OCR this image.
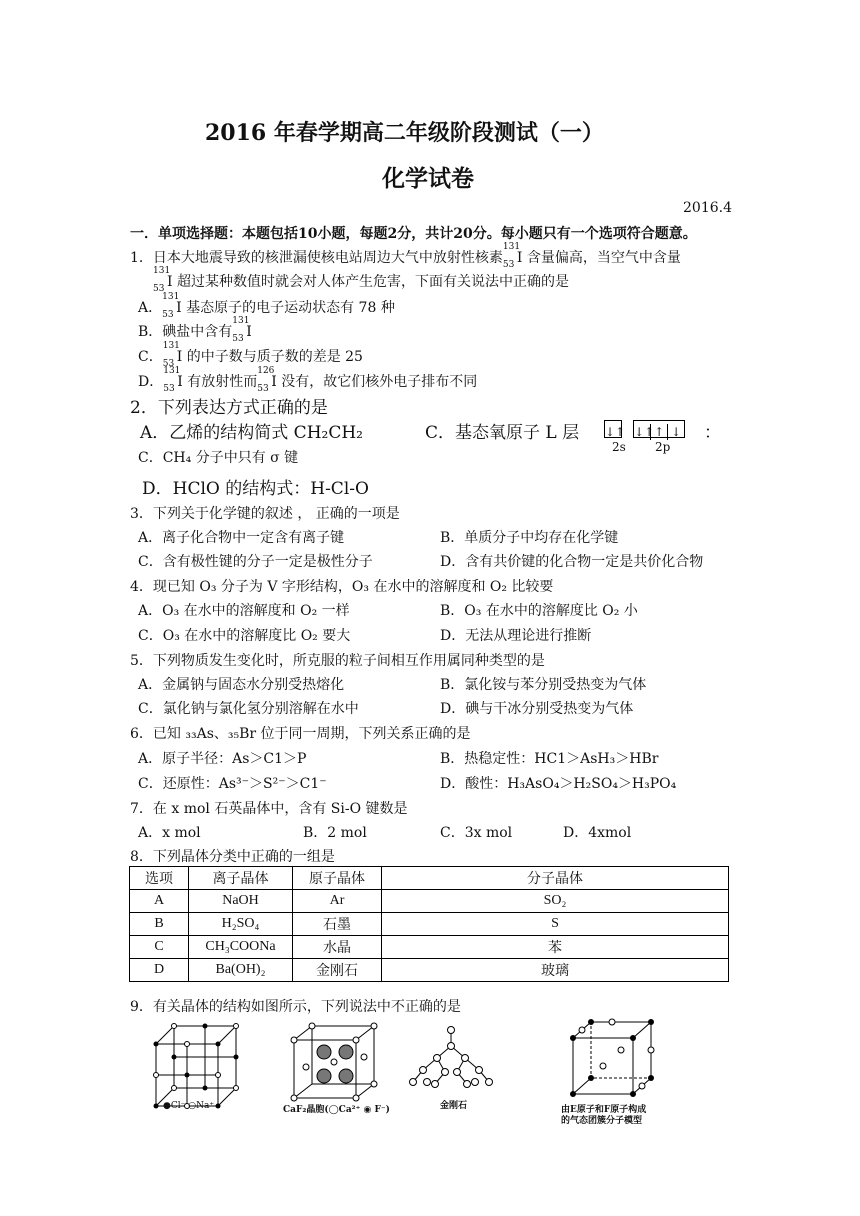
2016 年春学期高二年级阶段测试（一）
化学试卷
2016.4
一．单项选择题：本题包括10小题，每题2分，共计20分。每小题只有一个选项符合题意。
1．日本大地震导致的核泄漏使核电站周边大气中放射性核素
131
53 I 含量偏高，当空气中含量
131
53 I 超过某种数值时就会对人体产生危害，下面有关说法中正确的是
A．
131
53 I 基态原子的电子运动状态有 78 种
B．碘盐中含有
131
53 I
C．
131
53 I 的中子数与质子数的差是 25
D．
131
53 I 有放射性而
126
53 I 没有，故它们核外电子排布不同
2．下列表达方式正确的是
A．乙烯的结构简式 CH₂CH₂	C．基态氧原子 L 层 ↓↑ ↓↑↑ ↓ ：
2s 2p
C．CH₄ 分子中只有 σ 键
D．HClO 的结构式：H-Cl-O
3．下列关于化学键的叙述 ， 正确的一项是
A．离子化合物中一定含有离子键	B．单质分子中均存在化学键
C．含有极性键的分子一定是极性分子	D．含有共价键的化合物一定是共价化合物
4．现已知 O₃ 分子为 V 字形结构，O₃ 在水中的溶解度和 O₂ 比较要
A．O₃ 在水中的溶解度和 O₂ 一样	B．O₃ 在水中的溶解度比 O₂ 小
C．O₃ 在水中的溶解度比 O₂ 要大	D．无法从理论进行推断
5．下列物质发生变化时，所克服的粒子间相互作用属同种类型的是
A．金属钠与固态水分别受热熔化	B．氯化铵与苯分别受热变为气体
C．氯化钠与氯化氢分别溶解在水中	D．碘与干冰分别受热变为气体
6．已知 ₃₃As、₃₅Br 位于同一周期，下列关系正确的是
A．原子半径：As＞C1＞P	B．热稳定性：HC1＞AsH₃＞HBr
C．还原性：As³⁻＞S²⁻＞C1⁻	D．酸性：H₃AsO₄＞H₂SO₄＞H₃PO₄
7．在 x mol 石英晶体中，含有 Si-O 键数是
A．x mol	B．2 mol	C．3x mol	D．4xmol
8．下列晶体分类中正确的一组是
选项	离子晶体	原子晶体	分子晶体
A	NaOH	Ar	SO₂
B	H₂SO₄	石墨	S
C	CH₃COONa	水晶	苯
D	Ba(OH)₂	金刚石	玻璃
9．有关晶体的结构如图所示，下列说法中不正确的是
●Cl⁻ ○Na⁺	CaF₂晶胞(◯Ca²⁺ ◉ F⁻)	金刚石	由E原子和F原子构成
的气态团簇分子模型
